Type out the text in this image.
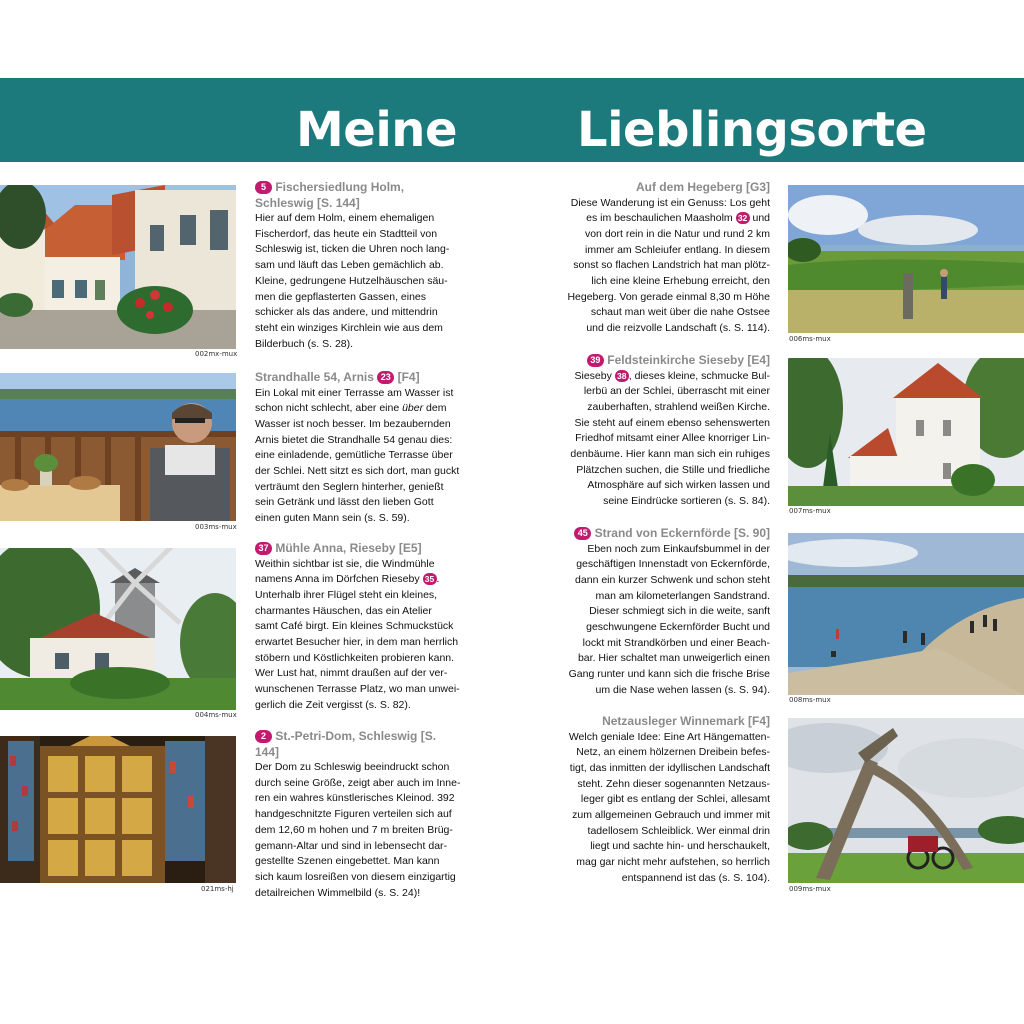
Meine	Lieblingsorte
002mx-mux
003ms-mux
004ms-mux
021ms-hj
006ms-mux
007ms-mux
008ms-mux
009ms-mux
5 Fischersiedlung Holm,
Schleswig [S. 144]
Hier auf dem Holm, einem ehemaligen
Fischerdorf, das heute ein Stadtteil von
Schleswig ist, ticken die Uhren noch lang-
sam und läuft das Leben gemächlich ab.
Kleine, gedrungene Hutzelhäuschen säu-
men die gepflasterten Gassen, eines
schicker als das andere, und mittendrin
steht ein winziges Kirchlein wie aus dem
Bilderbuch (s. S. 28).
Strandhalle 54, Arnis 23 [F4]
Ein Lokal mit einer Terrasse am Wasser ist
schon nicht schlecht, aber eine über dem
Wasser ist noch besser. Im bezaubernden
Arnis bietet die Strandhalle 54 genau dies:
eine einladende, gemütliche Terrasse über
der Schlei. Nett sitzt es sich dort, man guckt
verträumt den Seglern hinterher, genießt
sein Getränk und lässt den lieben Gott
einen guten Mann sein (s. S. 59).
37 Mühle Anna, Rieseby [E5]
Weithin sichtbar ist sie, die Windmühle
namens Anna im Dörfchen Rieseby 35 .
Unterhalb ihrer Flügel steht ein kleines,
charmantes Häuschen, das ein Atelier
samt Café birgt. Ein kleines Schmuckstück
erwartet Besucher hier, in dem man herrlich
stöbern und Köstlichkeiten probieren kann.
Wer Lust hat, nimmt draußen auf der ver-
wunschenen Terrasse Platz, wo man unwei-
gerlich die Zeit vergisst (s. S. 82).
2 St.-Petri-Dom, Schleswig [S. 144]
Der Dom zu Schleswig beeindruckt schon
durch seine Größe, zeigt aber auch im Inne-
ren ein wahres künstlerisches Kleinod. 392
handgeschnitzte Figuren verteilen sich auf
dem 12,60 m hohen und 7 m breiten Brüg-
gemann-Altar und sind in lebensecht dar-
gestellte Szenen eingebettet. Man kann
sich kaum losreißen von diesem einzigartig
detailreichen Wimmelbild (s. S. 24)!
Auf dem Hegeberg [G3]
Diese Wanderung ist ein Genuss: Los geht
es im beschaulichen Maasholm 32 und
von dort rein in die Natur und rund 2 km
immer am Schleiufer entlang. In diesem
sonst so flachen Landstrich hat man plötz-
lich eine kleine Erhebung erreicht, den
Hegeberg. Von gerade einmal 8,30 m Höhe
schaut man weit über die nahe Ostsee
und die reizvolle Landschaft (s. S. 114).
39 Feldsteinkirche Sieseby [E4]
Sieseby 38 , dieses kleine, schmucke Bul-
lerbü an der Schlei, überrascht mit einer
zauberhaften, strahlend weißen Kirche.
Sie steht auf einem ebenso sehenswerten
Friedhof mitsamt einer Allee knorriger Lin-
denbäume. Hier kann man sich ein ruhiges
Plätzchen suchen, die Stille und friedliche
Atmosphäre auf sich wirken lassen und
seine Eindrücke sortieren (s. S. 84).
45 Strand von Eckernförde [S. 90]
Eben noch zum Einkaufsbummel in der
geschäftigen Innenstadt von Eckernförde,
dann ein kurzer Schwenk und schon steht
man am kilometerlangen Sandstrand.
Dieser schmiegt sich in die weite, sanft
geschwungene Eckernförder Bucht und
lockt mit Strandkörben und einer Beach-
bar. Hier schaltet man unweigerlich einen
Gang runter und kann sich die frische Brise
um die Nase wehen lassen (s. S. 94).
Netzausleger Winnemark [F4]
Welch geniale Idee: Eine Art Hängematten-
Netz, an einem hölzernen Dreibein befes-
tigt, das inmitten der idyllischen Landschaft
steht. Zehn dieser sogenannten Netzaus-
leger gibt es entlang der Schlei, allesamt
zum allgemeinen Gebrauch und immer mit
tadellosem Schleiblick. Wer einmal drin
liegt und sachte hin- und herschaukelt,
mag gar nicht mehr aufstehen, so herrlich
entspannend ist das (s. S. 104).
